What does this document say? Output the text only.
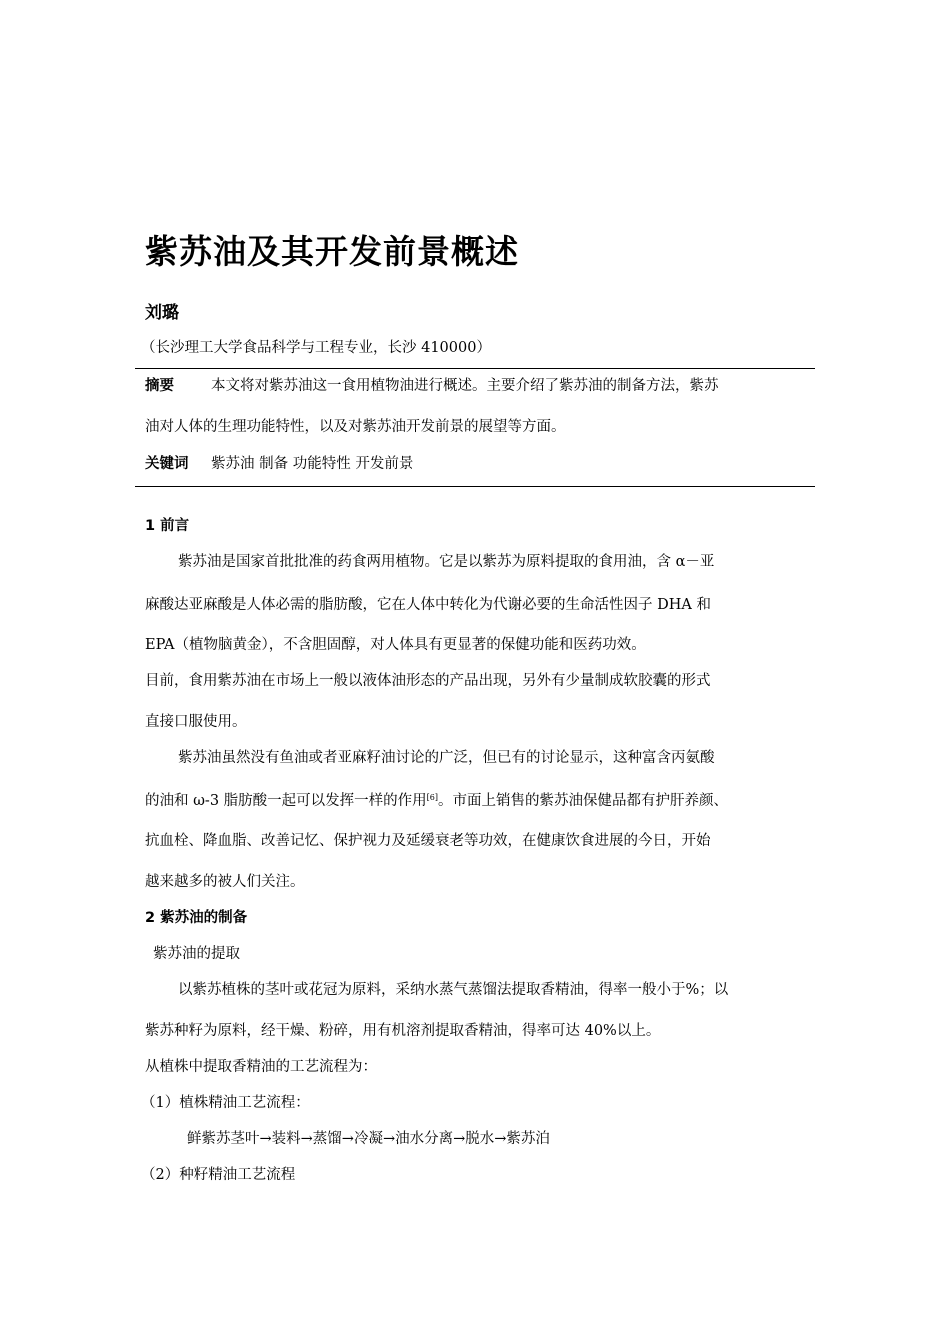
紫苏油及其开发前景概述
刘璐
（长沙理工大学食品科学与工程专业，长沙 410000）
摘要	本文将对紫苏油这一食用植物油进行概述。主要介绍了紫苏油的制备方法，紫苏
油对人体的生理功能特性，以及对紫苏油开发前景的展望等方面。
关键词 紫苏油 制备 功能特性 开发前景
1 前言
紫苏油是国家首批批准的药食两用植物。它是以紫苏为原料提取的食用油，含 α－亚
麻酸达亚麻酸是人体必需的脂肪酸，它在人体中转化为代谢必要的生命活性因子 DHA 和
EPA（植物脑黄金），不含胆固醇，对人体具有更显著的保健功能和医药功效。
目前，食用紫苏油在市场上一般以液体油形态的产品出现，另外有少量制成软胶囊的形式
直接口服使用。
紫苏油虽然没有鱼油或者亚麻籽油讨论的广泛，但已有的讨论显示，这种富含丙氨酸
的油和 ω-3 脂肪酸一起可以发挥一样的作用[6]。市面上销售的紫苏油保健品都有护肝养颜、
抗血栓、降血脂、改善记忆、保护视力及延缓衰老等功效，在健康饮食进展的今日，开始
越来越多的被人们关注。
2 紫苏油的制备
紫苏油的提取
以紫苏植株的茎叶或花冠为原料，采纳水蒸气蒸馏法提取香精油，得率一般小于%；以
紫苏种籽为原料，经干燥、粉碎，用有机溶剂提取香精油，得率可达 40%以上。
从植株中提取香精油的工艺流程为：
（1）植株精油工艺流程：
鲜紫苏茎叶→装料→蒸馏→冷凝→油水分离→脱水→紫苏泊
（2）种籽精油工艺流程
